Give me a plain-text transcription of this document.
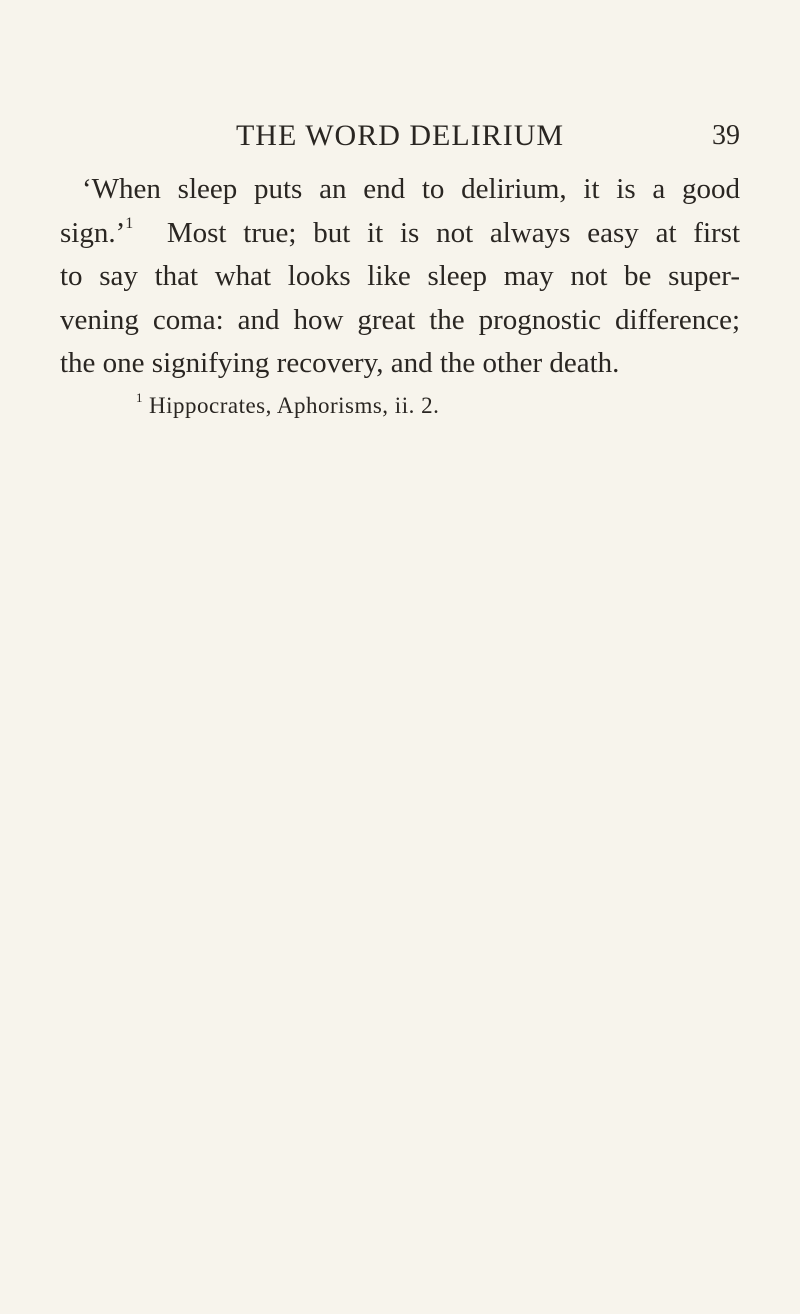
THE WORD DELIRIUM	39
‘When sleep puts an end to delirium, it is a good
sign.’$^1$ Most true; but it is not always easy at first
to say that what looks like sleep may not be super-
vening coma: and how great the prognostic difference;
the one signifying recovery, and the other death.
$^1$ Hippocrates, Aphorisms, ii. 2.
